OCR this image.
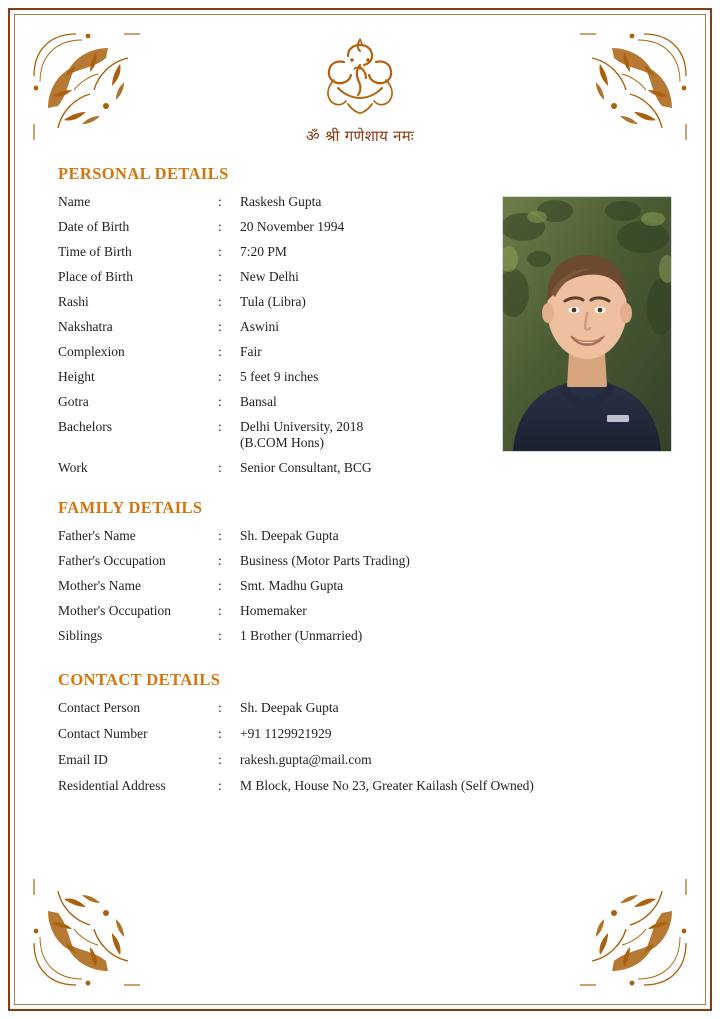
ॐ श्री गणेशाय नमः
PERSONAL DETAILS
Name	:	Raskesh Gupta
Date of Birth	:	20 November 1994
Time of Birth	:	7:20 PM
Place of Birth	:	New Delhi
Rashi	:	Tula (Libra)
Nakshatra	:	Aswini
Complexion	:	Fair
Height	:	5 feet 9 inches
Gotra	:	Bansal
Bachelors	:	Delhi University, 2018
(B.COM Hons)
Work	:	Senior Consultant, BCG
FAMILY DETAILS
Father's Name	:	Sh. Deepak Gupta
Father's Occupation	:	Business (Motor Parts Trading)
Mother's Name	:	Smt. Madhu Gupta
Mother's Occupation	:	Homemaker
Siblings	:	1 Brother (Unmarried)
CONTACT DETAILS
Contact Person	:	Sh. Deepak Gupta
Contact Number	:	+91 1129921929
Email ID	:	rakesh.gupta@mail.com
Residential Address	:	M Block, House No 23, Greater Kailash (Self Owned)
